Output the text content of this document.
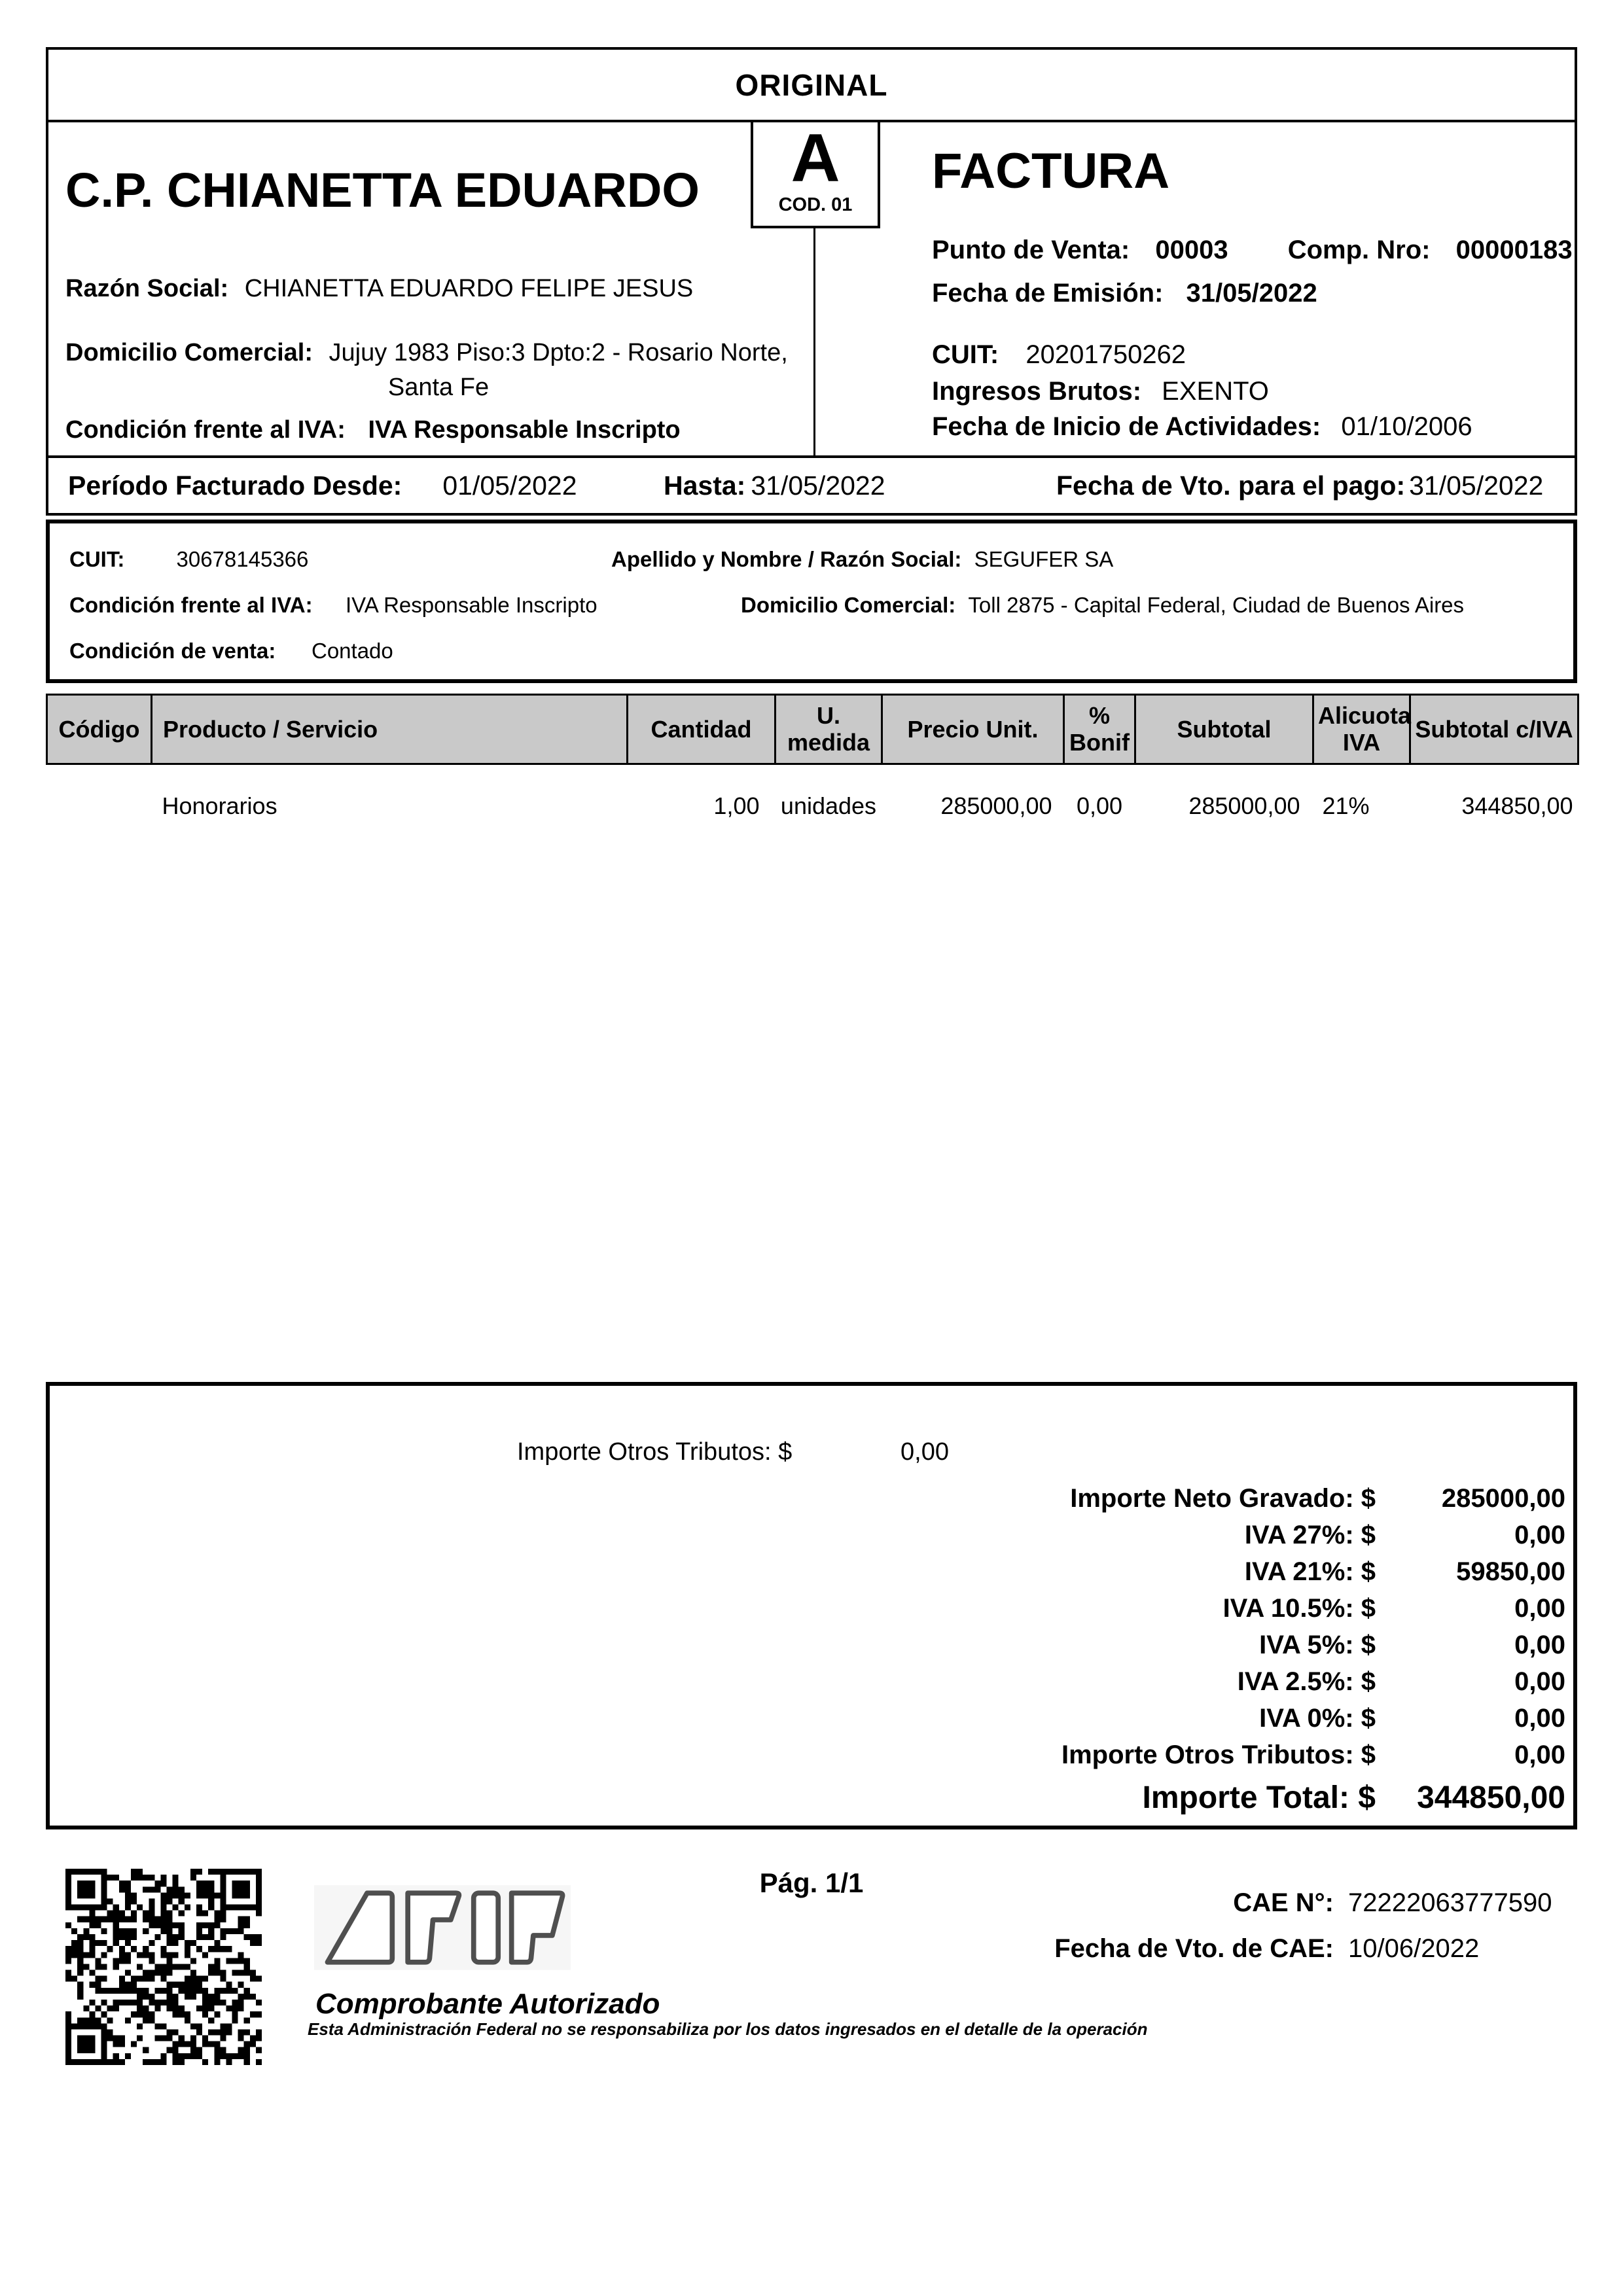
ORIGINAL
C.P. CHIANETTA EDUARDO	A
COD. 01
FACTURA
Razón Social: CHIANETTA EDUARDO FELIPE JESUS
Domicilio Comercial: Jujuy 1983 Piso:3 Dpto:2 - Rosario Norte,
Santa Fe
Condición frente al IVA: IVA Responsable Inscripto
Punto de Venta: 00003 Comp. Nro: 00000183
Fecha de Emisión: 31/05/2022
CUIT: 20201750262
Ingresos Brutos: EXENTO
Fecha de Inicio de Actividades: 01/10/2006
Período Facturado Desde: 01/05/2022	Hasta: 31/05/2022	Fecha de Vto. para el pago: 31/05/2022
CUIT: 30678145366	Apellido y Nombre / Razón Social: SEGUFER SA
Condición frente al IVA: IVA Responsable Inscripto	Domicilio Comercial: Toll 2875 - Capital Federal, Ciudad de Buenos Aires
Condición de venta: Contado
Código	Producto / Servicio	Cantidad	U. medida	Precio Unit.	% Bonif	Subtotal	Alicuota IVA	Subtotal c/IVA
	Honorarios	1,00	unidades	285000,00	0,00	285000,00	21%	344850,00
Importe Otros Tributos: $	0,00
Importe Neto Gravado: $	285000,00
IVA 27%: $	0,00
IVA 21%: $	59850,00
IVA 10.5%: $	0,00
IVA 5%: $	0,00
IVA 2.5%: $	0,00
IVA 0%: $	0,00
Importe Otros Tributos: $	0,00
Importe Total: $	344850,00
Comprobante Autorizado
Esta Administración Federal no se responsabiliza por los datos ingresados en el detalle de la operación
Pág. 1/1
CAE N°: 72222063777590
Fecha de Vto. de CAE: 10/06/2022
